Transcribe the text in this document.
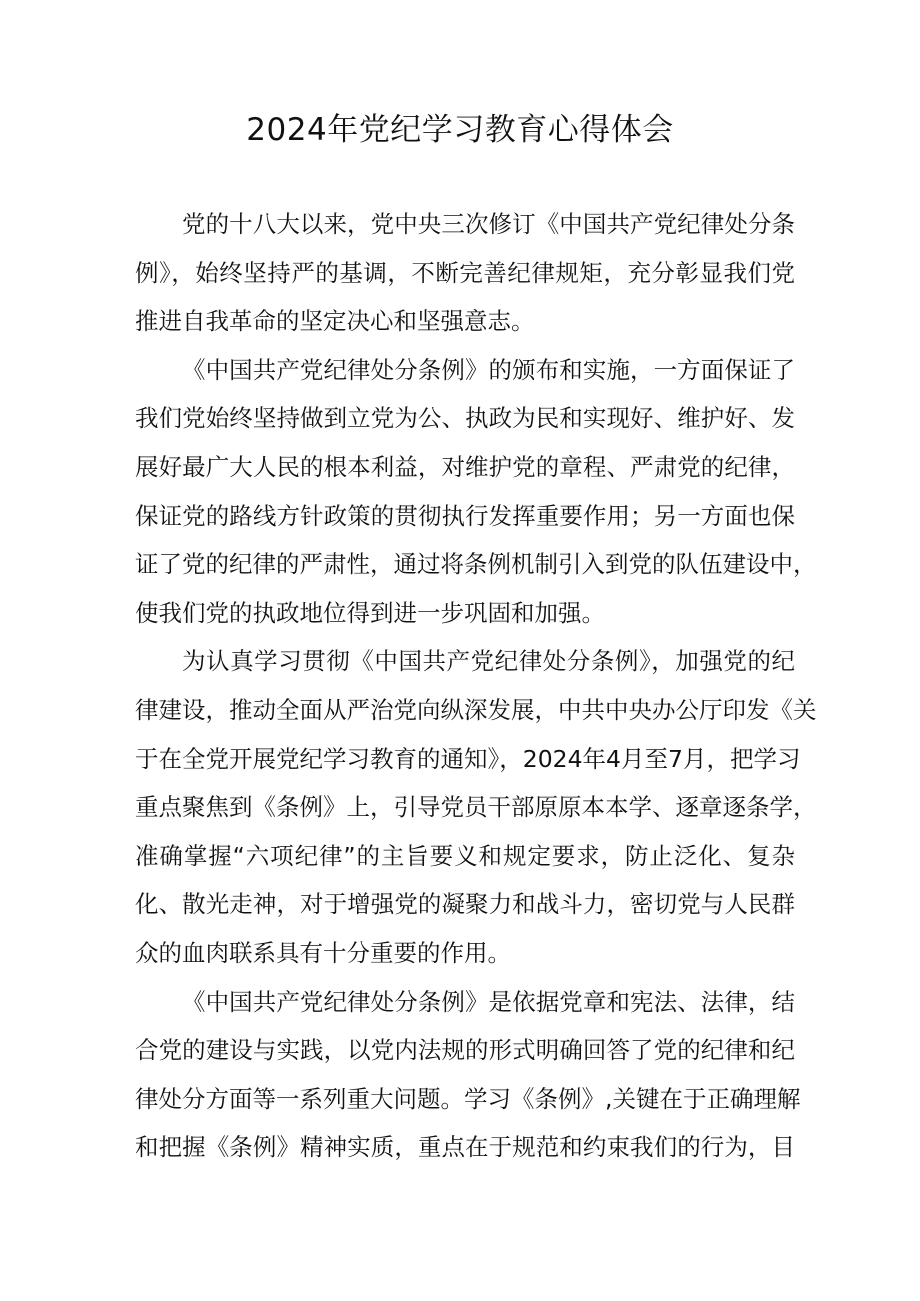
2024年党纪学习教育心得体会
党的十八大以来，党中央三次修订《中国共产党纪律处分条
例》，始终坚持严的基调，不断完善纪律规矩，充分彰显我们党
推进自我革命的坚定决心和坚强意志。
《中国共产党纪律处分条例》的颁布和实施，一方面保证了
我们党始终坚持做到立党为公、执政为民和实现好、维护好、发
展好最广大人民的根本利益，对维护党的章程、严肃党的纪律，
保证党的路线方针政策的贯彻执行发挥重要作用；另一方面也保
证了党的纪律的严肃性，通过将条例机制引入到党的队伍建设中，
使我们党的执政地位得到进一步巩固和加强。
为认真学习贯彻《中国共产党纪律处分条例》，加强党的纪
律建设，推动全面从严治党向纵深发展，中共中央办公厅印发《关
于在全党开展党纪学习教育的通知》，2024年4月至7月，把学习
重点聚焦到《条例》上，引导党员干部原原本本学、逐章逐条学，
准确掌握“六项纪律”的主旨要义和规定要求，防止泛化、复杂
化、散光走神，对于增强党的凝聚力和战斗力，密切党与人民群
众的血肉联系具有十分重要的作用。
《中国共产党纪律处分条例》是依据党章和宪法、法律，结
合党的建设与实践，以党内法规的形式明确回答了党的纪律和纪
律处分方面等一系列重大问题。学习《条例》,关键在于正确理解
和把握《条例》精神实质，重点在于规范和约束我们的行为，目
